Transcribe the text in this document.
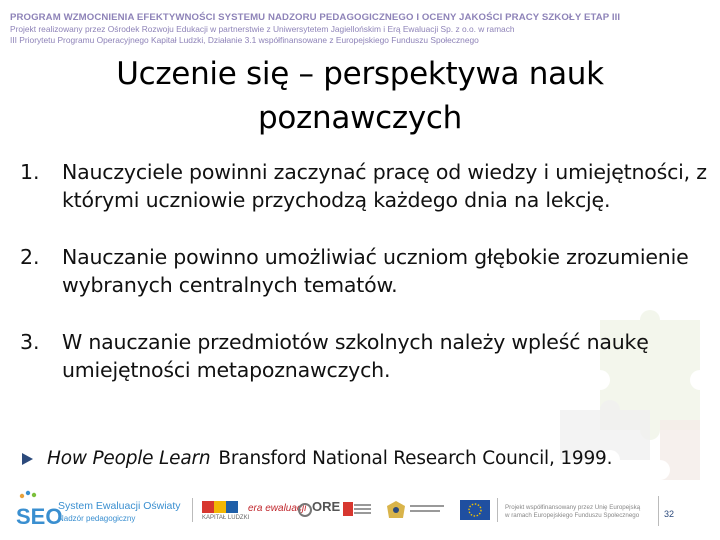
PROGRAM WZMOCNIENIA EFEKTYWNOŚCI SYSTEMU NADZORU PEDAGOGICZNEGO I OCENY JAKOŚCI PRACY SZKOŁY ETAP III
Projekt realizowany przez Ośrodek Rozwoju Edukacji w partnerstwie z Uniwersytetem Jagiellońskim i Erą Ewaluacji Sp. z o.o. w ramach
III Priorytetu Programu Operacyjnego Kapitał Ludzki, Działanie 3.1 współfinansowane z Europejskiego Funduszu Społecznego
Uczenie się – perspektywa nauk
poznawczych
1.	Nauczyciele powinni zaczynać pracę od wiedzy i umiejętności, z którymi uczniowie przychodzą każdego dnia na lekcję.
2.	Nauczanie powinno umożliwiać uczniom głębokie zrozumienie wybranych centralnych tematów.
3.	W nauczanie przedmiotów szkolnych należy wpleść naukę umiejętności metapoznawczych.
How People Learn Bransford National Research Council, 1999.
SEO
System Ewaluacji Oświaty
Nadzór pedagogiczny	KAPITAŁ LUDZKI
era ewaluacji ORE	Projekt współfinansowany przez Unię Europejską
w ramach Europejskiego Funduszu Społecznego	32
